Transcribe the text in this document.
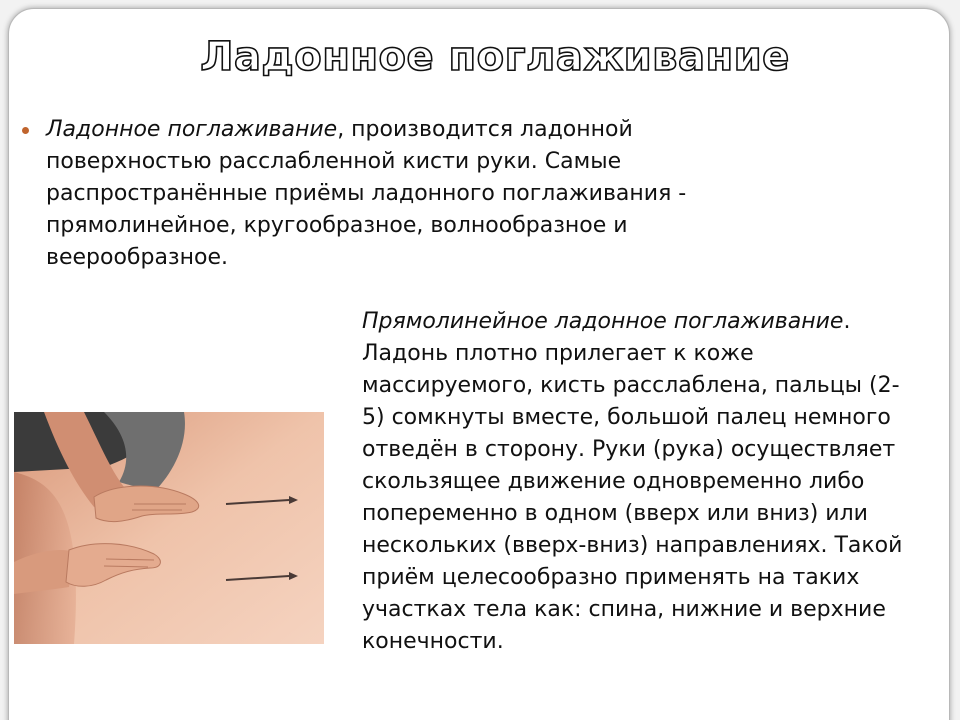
Ладонное поглаживание

Ладонное поглаживание, производится ладонной поверхностью расслабленной кисти руки. Самые распространённые приёмы ладонного поглаживания - прямолинейное, кругообразное, волнообразное и веерообразное.

Прямолинейное ладонное поглаживание. Ладонь плотно прилегает к коже массируемого, кисть расслаблена, пальцы (2-5) сомкнуты вместе, большой палец немного отведён в сторону. Руки (рука) осуществляет скользящее движение одновременно либо попеременно в одном (вверх или вниз) или нескольких (вверх-вниз) направлениях. Такой приём целесообразно применять на таких участках тела как: спина, нижние и верхние конечности.
